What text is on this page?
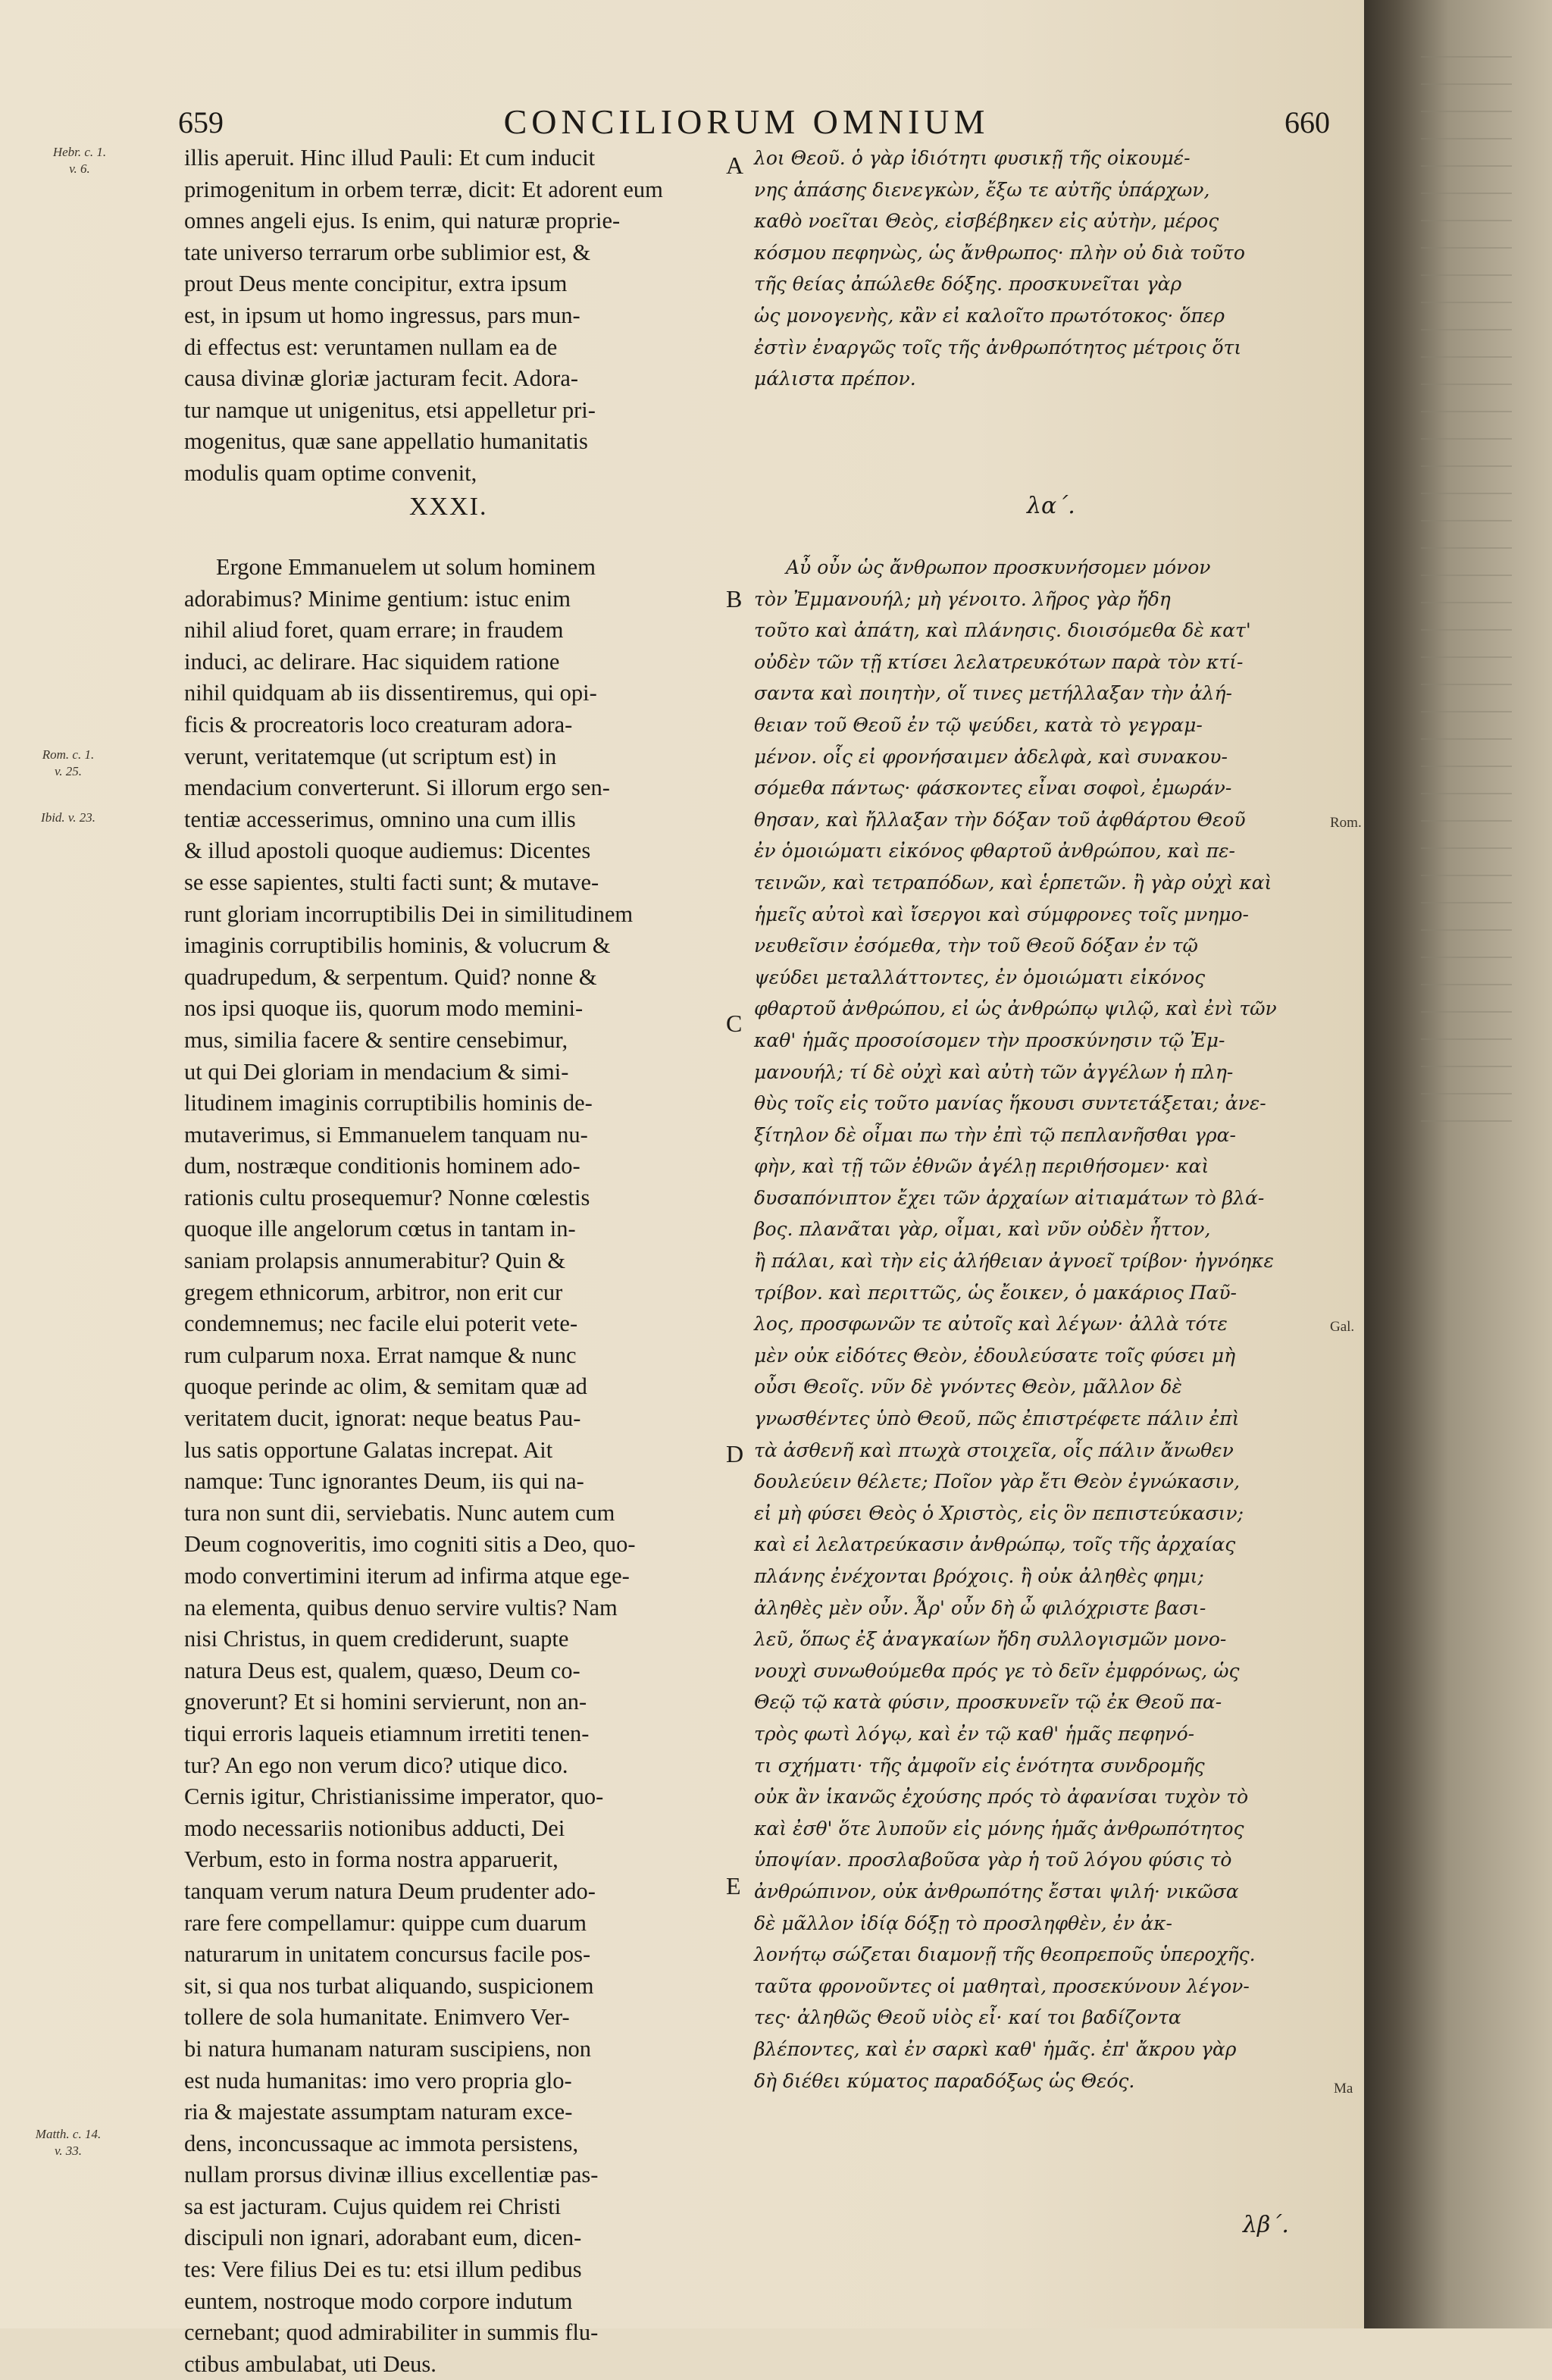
659	CONCILIORUM OMNIUM	660
Hebr. c. 1.
v. 6.
Rom. c. 1.
v. 25.
Ibid. v. 23.
Matth. c. 14.
v. 33.
illis aperuit. Hinc illud Pauli: Et cum inducit
primogenitum in orbem terræ, dicit: Et adorent eum
omnes angeli ejus. Is enim, qui naturæ proprie-
tate universo terrarum orbe sublimior est, &
prout Deus mente concipitur, extra ipsum
est, in ipsum ut homo ingressus, pars mun-
di effectus est: veruntamen nullam ea de
causa divinæ gloriæ jacturam fecit. Adora-
tur namque ut unigenitus, etsi appelletur pri-
mogenitus, quæ sane appellatio humanitatis
modulis quam optime convenit,
λοι Θεοῦ. ὁ γὰρ ἰδιότητι φυσικῇ τῆς οἰκουμέ-
νης ἁπάσης διενεγκὼν, ἔξω τε αὐτῆς ὑπάρχων,
καθὸ νοεῖται Θεὸς, εἰσβέβηκεν εἰς αὐτὴν, μέρος
κόσμου πεφηνὼς, ὡς ἄνθρωπος· πλὴν οὐ διὰ τοῦτο
τῆς θείας ἀπώλεθε δόξης. προσκυνεῖται γὰρ
ὡς μονογενὴς, κἂν εἰ καλοῖτο πρωτότοκος· ὅπερ
ἐστὶν ἐναργῶς τοῖς τῆς ἀνθρωπότητος μέτροις ὅτι
μάλιστα πρέπον.
A
B
C
D
E
XXXI.	λα΄.
Ergone Emmanuelem ut solum hominem
adorabimus? Minime gentium: istuc enim
nihil aliud foret, quam errare; in fraudem
induci, ac delirare. Hac siquidem ratione
nihil quidquam ab iis dissentiremus, qui opi-
ficis & procreatoris loco creaturam adora-
verunt, veritatemque (ut scriptum est) in
mendacium converterunt. Si illorum ergo sen-
tentiæ accesserimus, omnino una cum illis
& illud apostoli quoque audiemus: Dicentes
se esse sapientes, stulti facti sunt; & mutave-
runt gloriam incorruptibilis Dei in similitudinem
imaginis corruptibilis hominis, & volucrum &
quadrupedum, & serpentum. Quid? nonne &
nos ipsi quoque iis, quorum modo memini-
mus, similia facere & sentire censebimur,
ut qui Dei gloriam in mendacium & simi-
litudinem imaginis corruptibilis hominis de-
mutaverimus, si Emmanuelem tanquam nu-
dum, nostræque conditionis hominem ado-
rationis cultu prosequemur? Nonne cœlestis
quoque ille angelorum cœtus in tantam in-
saniam prolapsis annumerabitur? Quin &
gregem ethnicorum, arbitror, non erit cur
condemnemus; nec facile elui poterit vete-
rum culparum noxa. Errat namque & nunc
quoque perinde ac olim, & semitam quæ ad
veritatem ducit, ignorat: neque beatus Pau-
lus satis opportune Galatas increpat. Ait
namque: Tunc ignorantes Deum, iis qui na-
tura non sunt dii, serviebatis. Nunc autem cum
Deum cognoveritis, imo cogniti sitis a Deo, quo-
modo convertimini iterum ad infirma atque ege-
na elementa, quibus denuo servire vultis? Nam
nisi Christus, in quem crediderunt, suapte
natura Deus est, qualem, quæso, Deum co-
gnoverunt? Et si homini servierunt, non an-
tiqui erroris laqueis etiamnum irretiti tenen-
tur? An ego non verum dico? utique dico.
Cernis igitur, Christianissime imperator, quo-
modo necessariis notionibus adducti, Dei
Verbum, esto in forma nostra apparuerit,
tanquam verum natura Deum prudenter ado-
rare fere compellamur: quippe cum duarum
naturarum in unitatem concursus facile pos-
sit, si qua nos turbat aliquando, suspicionem
tollere de sola humanitate. Enimvero Ver-
bi natura humanam naturam suscipiens, non
est nuda humanitas: imo vero propria glo-
ria & majestate assumptam naturam exce-
dens, inconcussaque ac immota persistens,
nullam prorsus divinæ illius excellentiæ pas-
sa est jacturam. Cujus quidem rei Christi
discipuli non ignari, adorabant eum, dicen-
tes: Vere filius Dei es tu: etsi illum pedibus
euntem, nostroque modo corpore indutum
cernebant; quod admirabiliter in summis flu-
ctibus ambulabat, uti Deus.
Αὖ οὖν ὡς ἄνθρωπον προσκυνήσομεν μόνον
τὸν Ἐμμανουήλ; μὴ γένοιτο. λῆρος γὰρ ἤδη
τοῦτο καὶ ἀπάτη, καὶ πλάνησις. διοισόμεθα δὲ κατ'
οὐδὲν τῶν τῇ κτίσει λελατρευκότων παρὰ τὸν κτί-
σαντα καὶ ποιητὴν, οἵ τινες μετήλλαξαν τὴν ἀλή-
θειαν τοῦ Θεοῦ ἐν τῷ ψεύδει, κατὰ τὸ γεγραμ-
μένον. οἷς εἰ φρονήσαιμεν ἀδελφὰ, καὶ συνακου-
σόμεθα πάντως· φάσκοντες εἶναι σοφοὶ, ἐμωράν-
θησαν, καὶ ἤλλαξαν τὴν δόξαν τοῦ ἀφθάρτου Θεοῦ
ἐν ὁμοιώματι εἰκόνος φθαρτοῦ ἀνθρώπου, καὶ πε-
τεινῶν, καὶ τετραπόδων, καὶ ἑρπετῶν. ἢ γὰρ οὐχὶ καὶ
ἡμεῖς αὐτοὶ καὶ ἴσεργοι καὶ σύμφρονες τοῖς μνημο-
νευθεῖσιν ἐσόμεθα, τὴν τοῦ Θεοῦ δόξαν ἐν τῷ
ψεύδει μεταλλάττοντες, ἐν ὁμοιώματι εἰκόνος
φθαρτοῦ ἀνθρώπου, εἰ ὡς ἀνθρώπῳ ψιλῷ, καὶ ἐνὶ τῶν
καθ' ἡμᾶς προσοίσομεν τὴν προσκύνησιν τῷ Ἐμ-
μανουήλ; τί δὲ οὐχὶ καὶ αὐτὴ τῶν ἀγγέλων ἡ πλη-
θὺς τοῖς εἰς τοῦτο μανίας ἥκουσι συντετάξεται; ἀνε-
ξίτηλον δὲ οἶμαι πω τὴν ἐπὶ τῷ πεπλανῆσθαι γρα-
φὴν, καὶ τῇ τῶν ἐθνῶν ἀγέλῃ περιθήσομεν· καὶ
δυσαπόνιπτον ἔχει τῶν ἀρχαίων αἰτιαμάτων τὸ βλά-
βος. πλανᾶται γὰρ, οἶμαι, καὶ νῦν οὐδὲν ἧττον,
ἢ πάλαι, καὶ τὴν εἰς ἀλήθειαν ἀγνοεῖ τρίβον· ἠγνόηκε
τρίβον. καὶ περιττῶς, ὡς ἔοικεν, ὁ μακάριος Παῦ-
λος, προσφωνῶν τε αὐτοῖς καὶ λέγων· ἀλλὰ τότε
μὲν οὐκ εἰδότες Θεὸν, ἐδουλεύσατε τοῖς φύσει μὴ
οὖσι Θεοῖς. νῦν δὲ γνόντες Θεὸν, μᾶλλον δὲ
γνωσθέντες ὑπὸ Θεοῦ, πῶς ἐπιστρέφετε πάλιν ἐπὶ
τὰ ἀσθενῆ καὶ πτωχὰ στοιχεῖα, οἷς πάλιν ἄνωθεν
δουλεύειν θέλετε; Ποῖον γὰρ ἔτι Θεὸν ἐγνώκασιν,
εἰ μὴ φύσει Θεὸς ὁ Χριστὸς, εἰς ὃν πεπιστεύκασιν;
καὶ εἰ λελατρεύκασιν ἀνθρώπῳ, τοῖς τῆς ἀρχαίας
πλάνης ἐνέχονται βρόχοις. ἢ οὐκ ἀληθὲς φημι;
ἀληθὲς μὲν οὖν. Ἆρ' οὖν δὴ ὦ φιλόχριστε βασι-
λεῦ, ὅπως ἐξ ἀναγκαίων ἤδη συλλογισμῶν μονο-
νουχὶ συνωθούμεθα πρός γε τὸ δεῖν ἐμφρόνως, ὡς
Θεῷ τῷ κατὰ φύσιν, προσκυνεῖν τῷ ἐκ Θεοῦ πα-
τρὸς φωτὶ λόγῳ, καὶ ἐν τῷ καθ' ἡμᾶς πεφηνό-
τι σχήματι· τῆς ἀμφοῖν εἰς ἑνότητα συνδρομῆς
οὐκ ἂν ἱκανῶς ἐχούσης πρός τὸ ἀφανίσαι τυχὸν τὸ
καὶ ἐσθ' ὅτε λυποῦν εἰς μόνης ἡμᾶς ἀνθρωπότητος
ὑποψίαν. προσλαβοῦσα γὰρ ἡ τοῦ λόγου φύσις τὸ
ἀνθρώπινον, οὐκ ἀνθρωπότης ἔσται ψιλή· νικῶσα
δὲ μᾶλλον ἰδίᾳ δόξῃ τὸ προσληφθὲν, ἐν ἀκ-
λονήτῳ σώζεται διαμονῇ τῆς θεοπρεποῦς ὑπεροχῆς.
ταῦτα φρονοῦντες οἱ μαθηταὶ, προσεκύνουν λέγον-
τες· ἀληθῶς Θεοῦ υἱὸς εἶ· καί τοι βαδίζοντα
βλέποντες, καὶ ἐν σαρκὶ καθ' ἡμᾶς. ἐπ' ἄκρου γὰρ
δὴ διέθει κύματος παραδόξως ὡς Θεός.
Rom.
Gal.
Ma
λβ΄.
